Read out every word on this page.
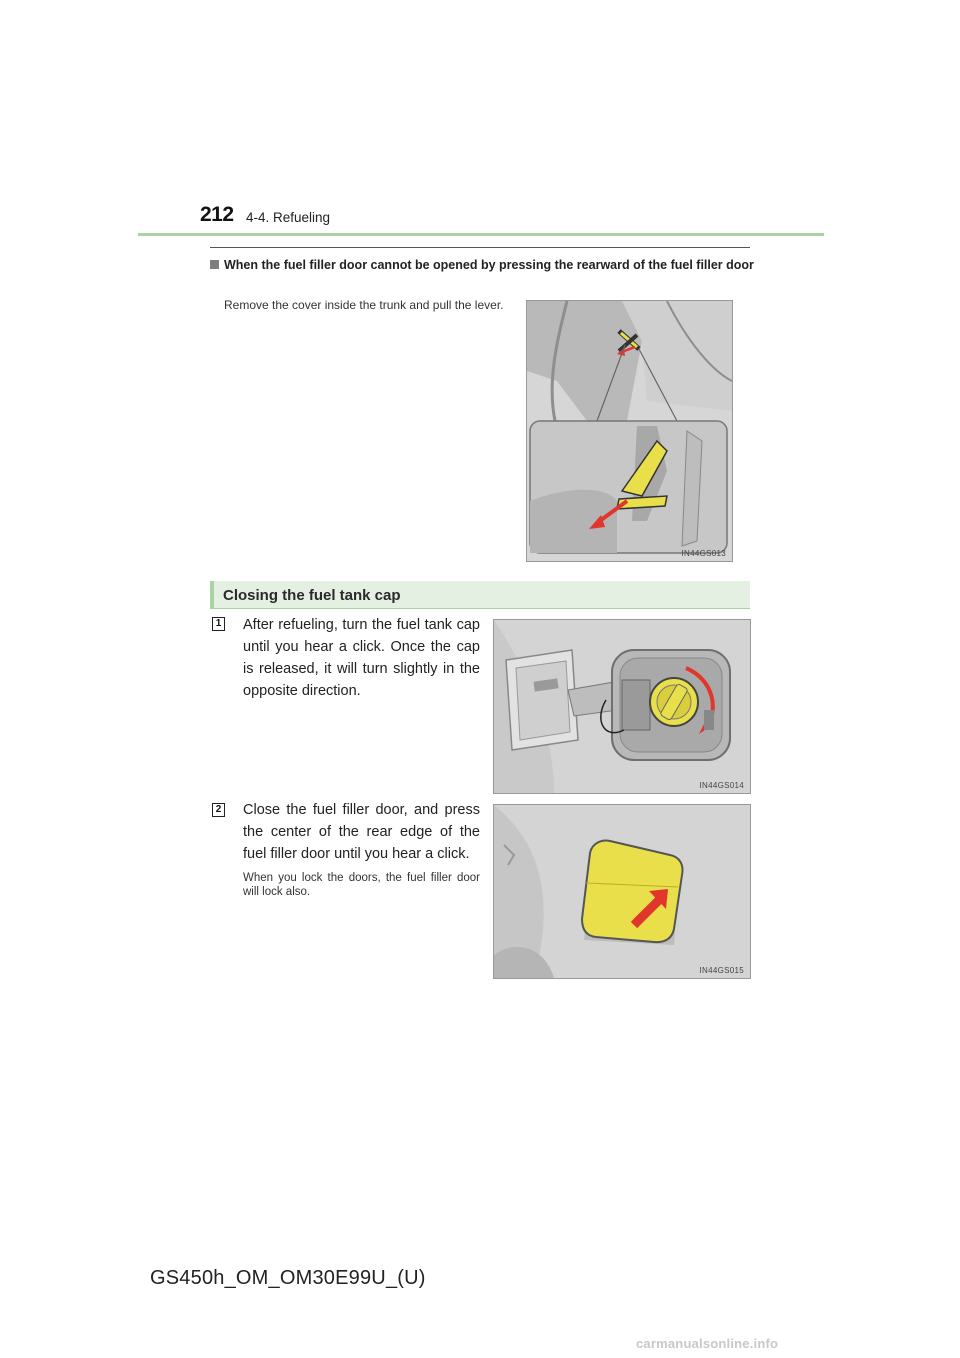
212 4-4. Refueling
When the fuel filler door cannot be opened by pressing the rearward of the fuel filler door
Remove the cover inside the trunk and pull the lever.
IN44GS013
Closing the fuel tank cap
1 After refueling, turn the fuel tank cap until you hear a click. Once the cap is released, it will turn slightly in the opposite direction.
IN44GS014
2 Close the fuel filler door, and press the center of the rear edge of the fuel filler door until you hear a click.
When you lock the doors, the fuel filler door will lock also.
IN44GS015
GS450h_OM_OM30E99U_(U)
carmanualsonline.info
